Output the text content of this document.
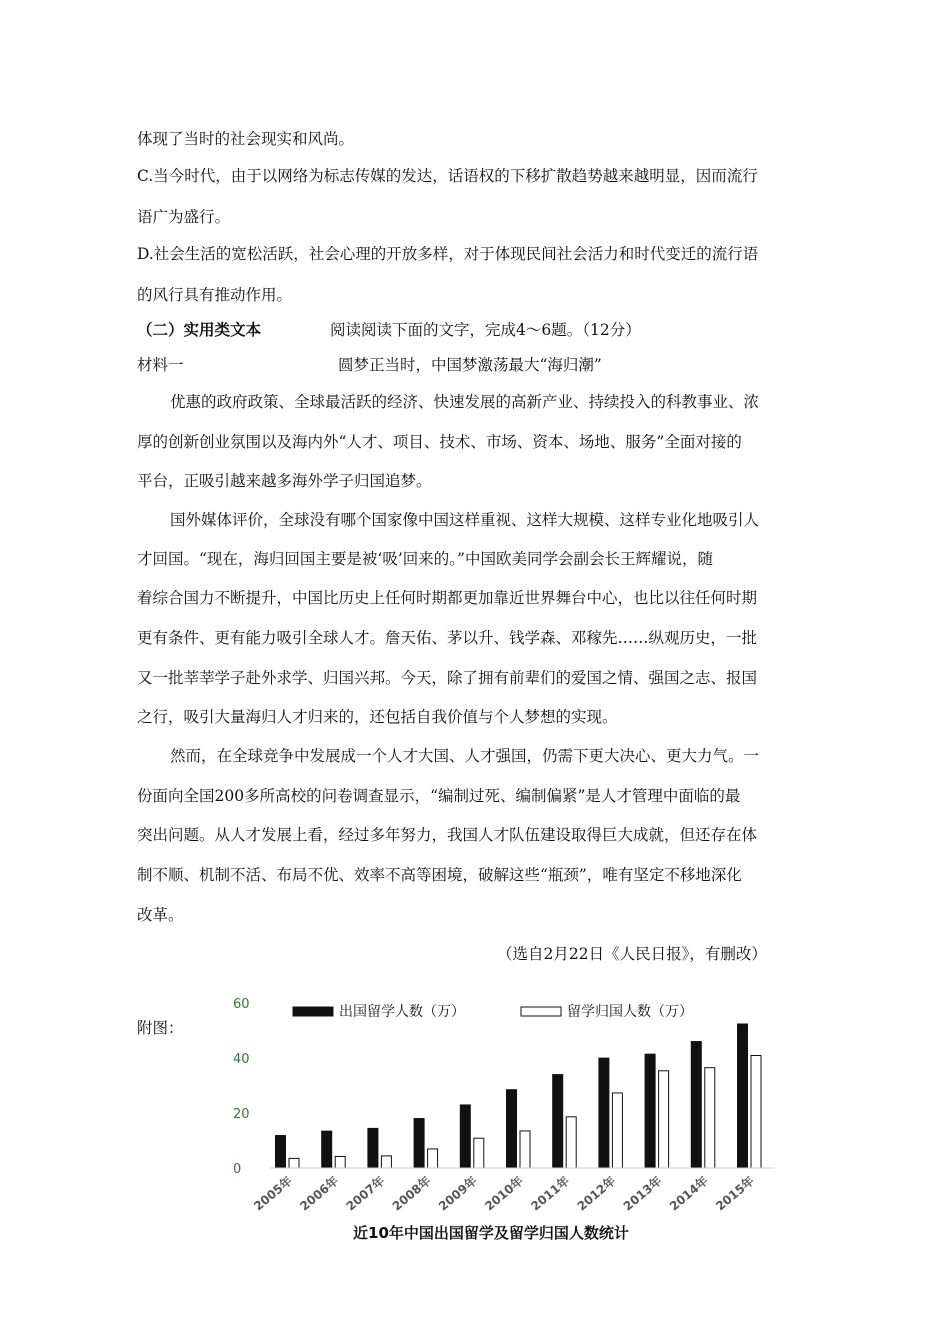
体现了当时的社会现实和风尚。
C.当今时代，由于以网络为标志传媒的发达，话语权的下移扩散趋势越来越明显，因而流行
语广为盛行。
D.社会生活的宽松活跃，社会心理的开放多样，对于体现民间社会活力和时代变迁的流行语
的风行具有推动作用。
（二）实用类文本	阅读阅读下面的文字，完成4～6题。（12分）
材料一	圆梦正当时，中国梦激荡最大“海归潮”
优惠的政府政策、全球最活跃的经济、快速发展的高新产业、持续投入的科教事业、浓
厚的创新创业氛围以及海内外“人才、项目、技术、市场、资本、场地、服务”全面对接的
平台，正吸引越来越多海外学子归国追梦。
国外媒体评价，全球没有哪个国家像中国这样重视、这样大规模、这样专业化地吸引人
才回国。“现在，海归回国主要是被‘吸’回来的。”中国欧美同学会副会长王辉耀说，随
着综合国力不断提升，中国比历史上任何时期都更加靠近世界舞台中心，也比以往任何时期
更有条件、更有能力吸引全球人才。詹天佑、茅以升、钱学森、邓稼先……纵观历史，一批
又一批莘莘学子赴外求学、归国兴邦。今天，除了拥有前辈们的爱国之情、强国之志、报国
之行，吸引大量海归人才归来的，还包括自我价值与个人梦想的实现。
然而，在全球竞争中发展成一个人才大国、人才强国，仍需下更大决心、更大力气。一
份面向全国200多所高校的问卷调查显示，“编制过死、编制偏紧”是人才管理中面临的最
突出问题。从人才发展上看，经过多年努力，我国人才队伍建设取得巨大成就，但还存在体
制不顺、机制不活、布局不优、效率不高等困境，破解这些“瓶颈”，唯有坚定不移地深化
改革。
（选自2月22日《人民日报》，有删改）
附图：
0
20
40
60	出国留学人数（万）	留学归国人数（万）
2005年 2006年 2007年 2008年 2009年 2010年 2011年 2012年 2013年 2014年 2015年
近10年中国出国留学及留学归国人数统计
